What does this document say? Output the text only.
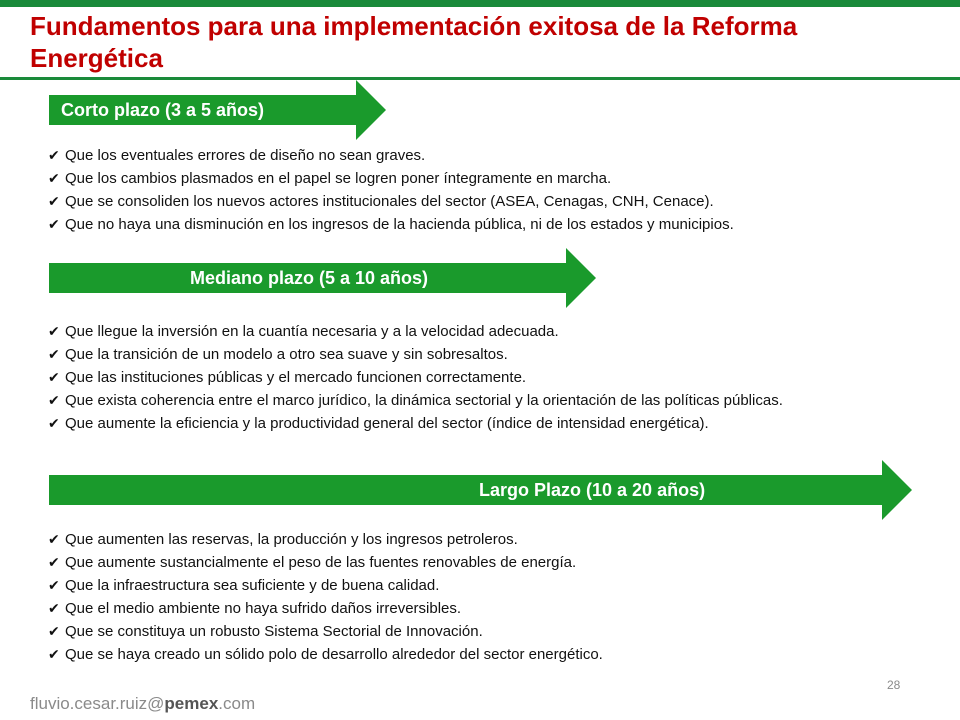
Fundamentos para una implementación exitosa de la Reforma Energética
Corto plazo (3 a 5 años)
✔ Que los eventuales errores de diseño no sean graves.
✔ Que los cambios plasmados en el papel se logren poner íntegramente en marcha.
✔ Que se consoliden los nuevos actores institucionales del sector (ASEA, Cenagas, CNH, Cenace).
✔ Que no haya una disminución en los ingresos de la hacienda pública, ni de los estados y municipios.
Mediano plazo (5 a 10 años)
✔ Que llegue la inversión en la cuantía necesaria y a la velocidad adecuada.
✔ Que la transición de un modelo a otro sea suave y sin sobresaltos.
✔ Que las instituciones públicas y el mercado funcionen correctamente.
✔ Que exista coherencia entre el marco jurídico, la dinámica sectorial y la orientación de las políticas públicas.
✔ Que aumente la eficiencia y la productividad general del sector (índice de intensidad energética).
Largo Plazo (10 a 20 años)
✔ Que aumenten las reservas, la producción y los ingresos petroleros.
✔ Que aumente sustancialmente el peso de las fuentes renovables de energía.
✔ Que la infraestructura sea suficiente y de buena calidad.
✔ Que el medio ambiente no haya sufrido daños irreversibles.
✔ Que se constituya un robusto Sistema Sectorial de Innovación.
✔ Que se haya creado un sólido polo de desarrollo alrededor del sector energético.
fluvio.cesar.ruiz@pemex.com
28
